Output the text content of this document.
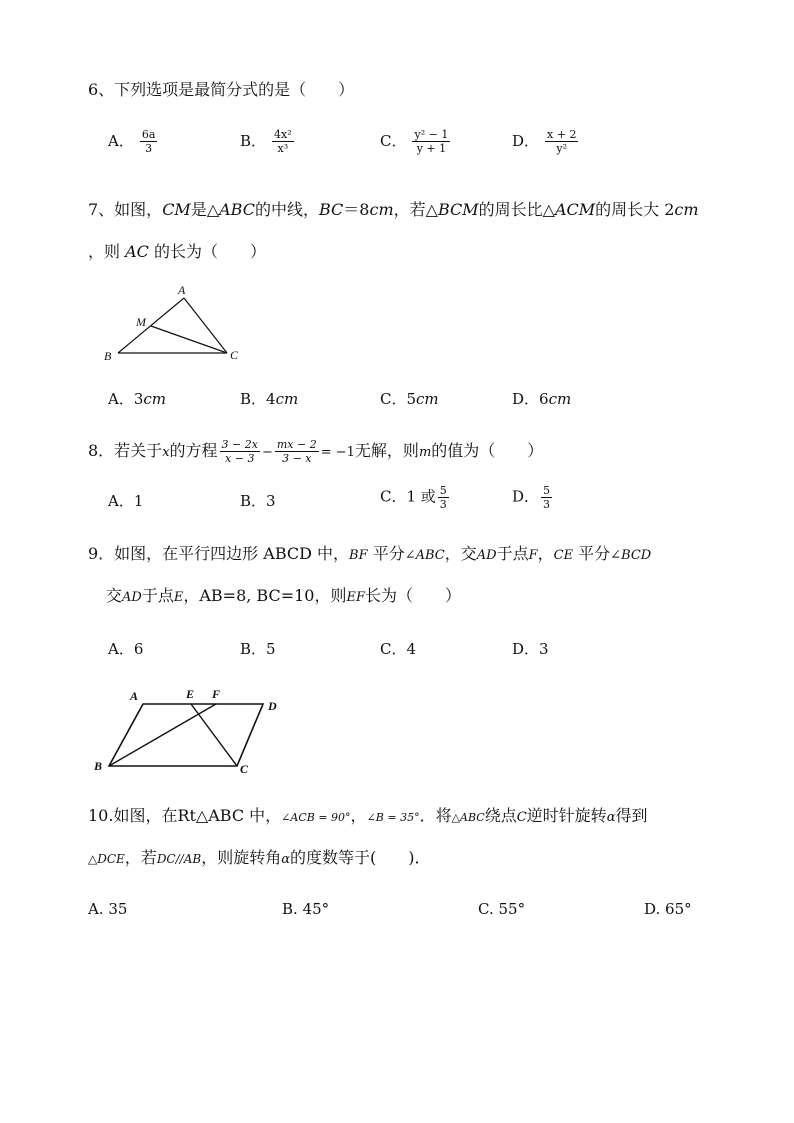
6、下列选项是最简分式的是（　　）
A． $\frac{6a}{3}$	B． $\frac{\text{4x²}}{\text{x³}}$	C． $\frac{\text{y² − 1}}{y + 1}$	D． $\frac{x + 2}{\text{y²}}$
7、如图，CM是△ABC的中线，BC＝8cm，若△BCM的周长比△ACM的周长大 2cm
，则 AC 的长为（　　）
A
M
B	C
A．3cm	B．4cm	C．5cm	D．6cm
8．若关于x的方程 $\frac{3 - 2x}{x - 3} - \frac{mx - 2}{3 - x} = -1$无解，则m的值为（　　）
A．1	B．3	C．1 或 $\frac{5}{3}$	D． $\frac{5}{3}$
9．如图，在平行四边形 ABCD 中，BF 平分∠ABC，交AD于点F，CE 平分∠BCD
交AD于点E，AB=8, BC=10，则EF长为（　　）
A．6	B．5	C．4	D．3
A	E F
D
B	C
10.如图，在Rt△ABC 中，∠ACB = 90°，∠B = 35°．将△ABC绕点C逆时针旋转α得到
△DCE，若DC//AB，则旋转角α的度数等于(　　)．
A. 35	B. 45°	C. 55°	D. 65°
